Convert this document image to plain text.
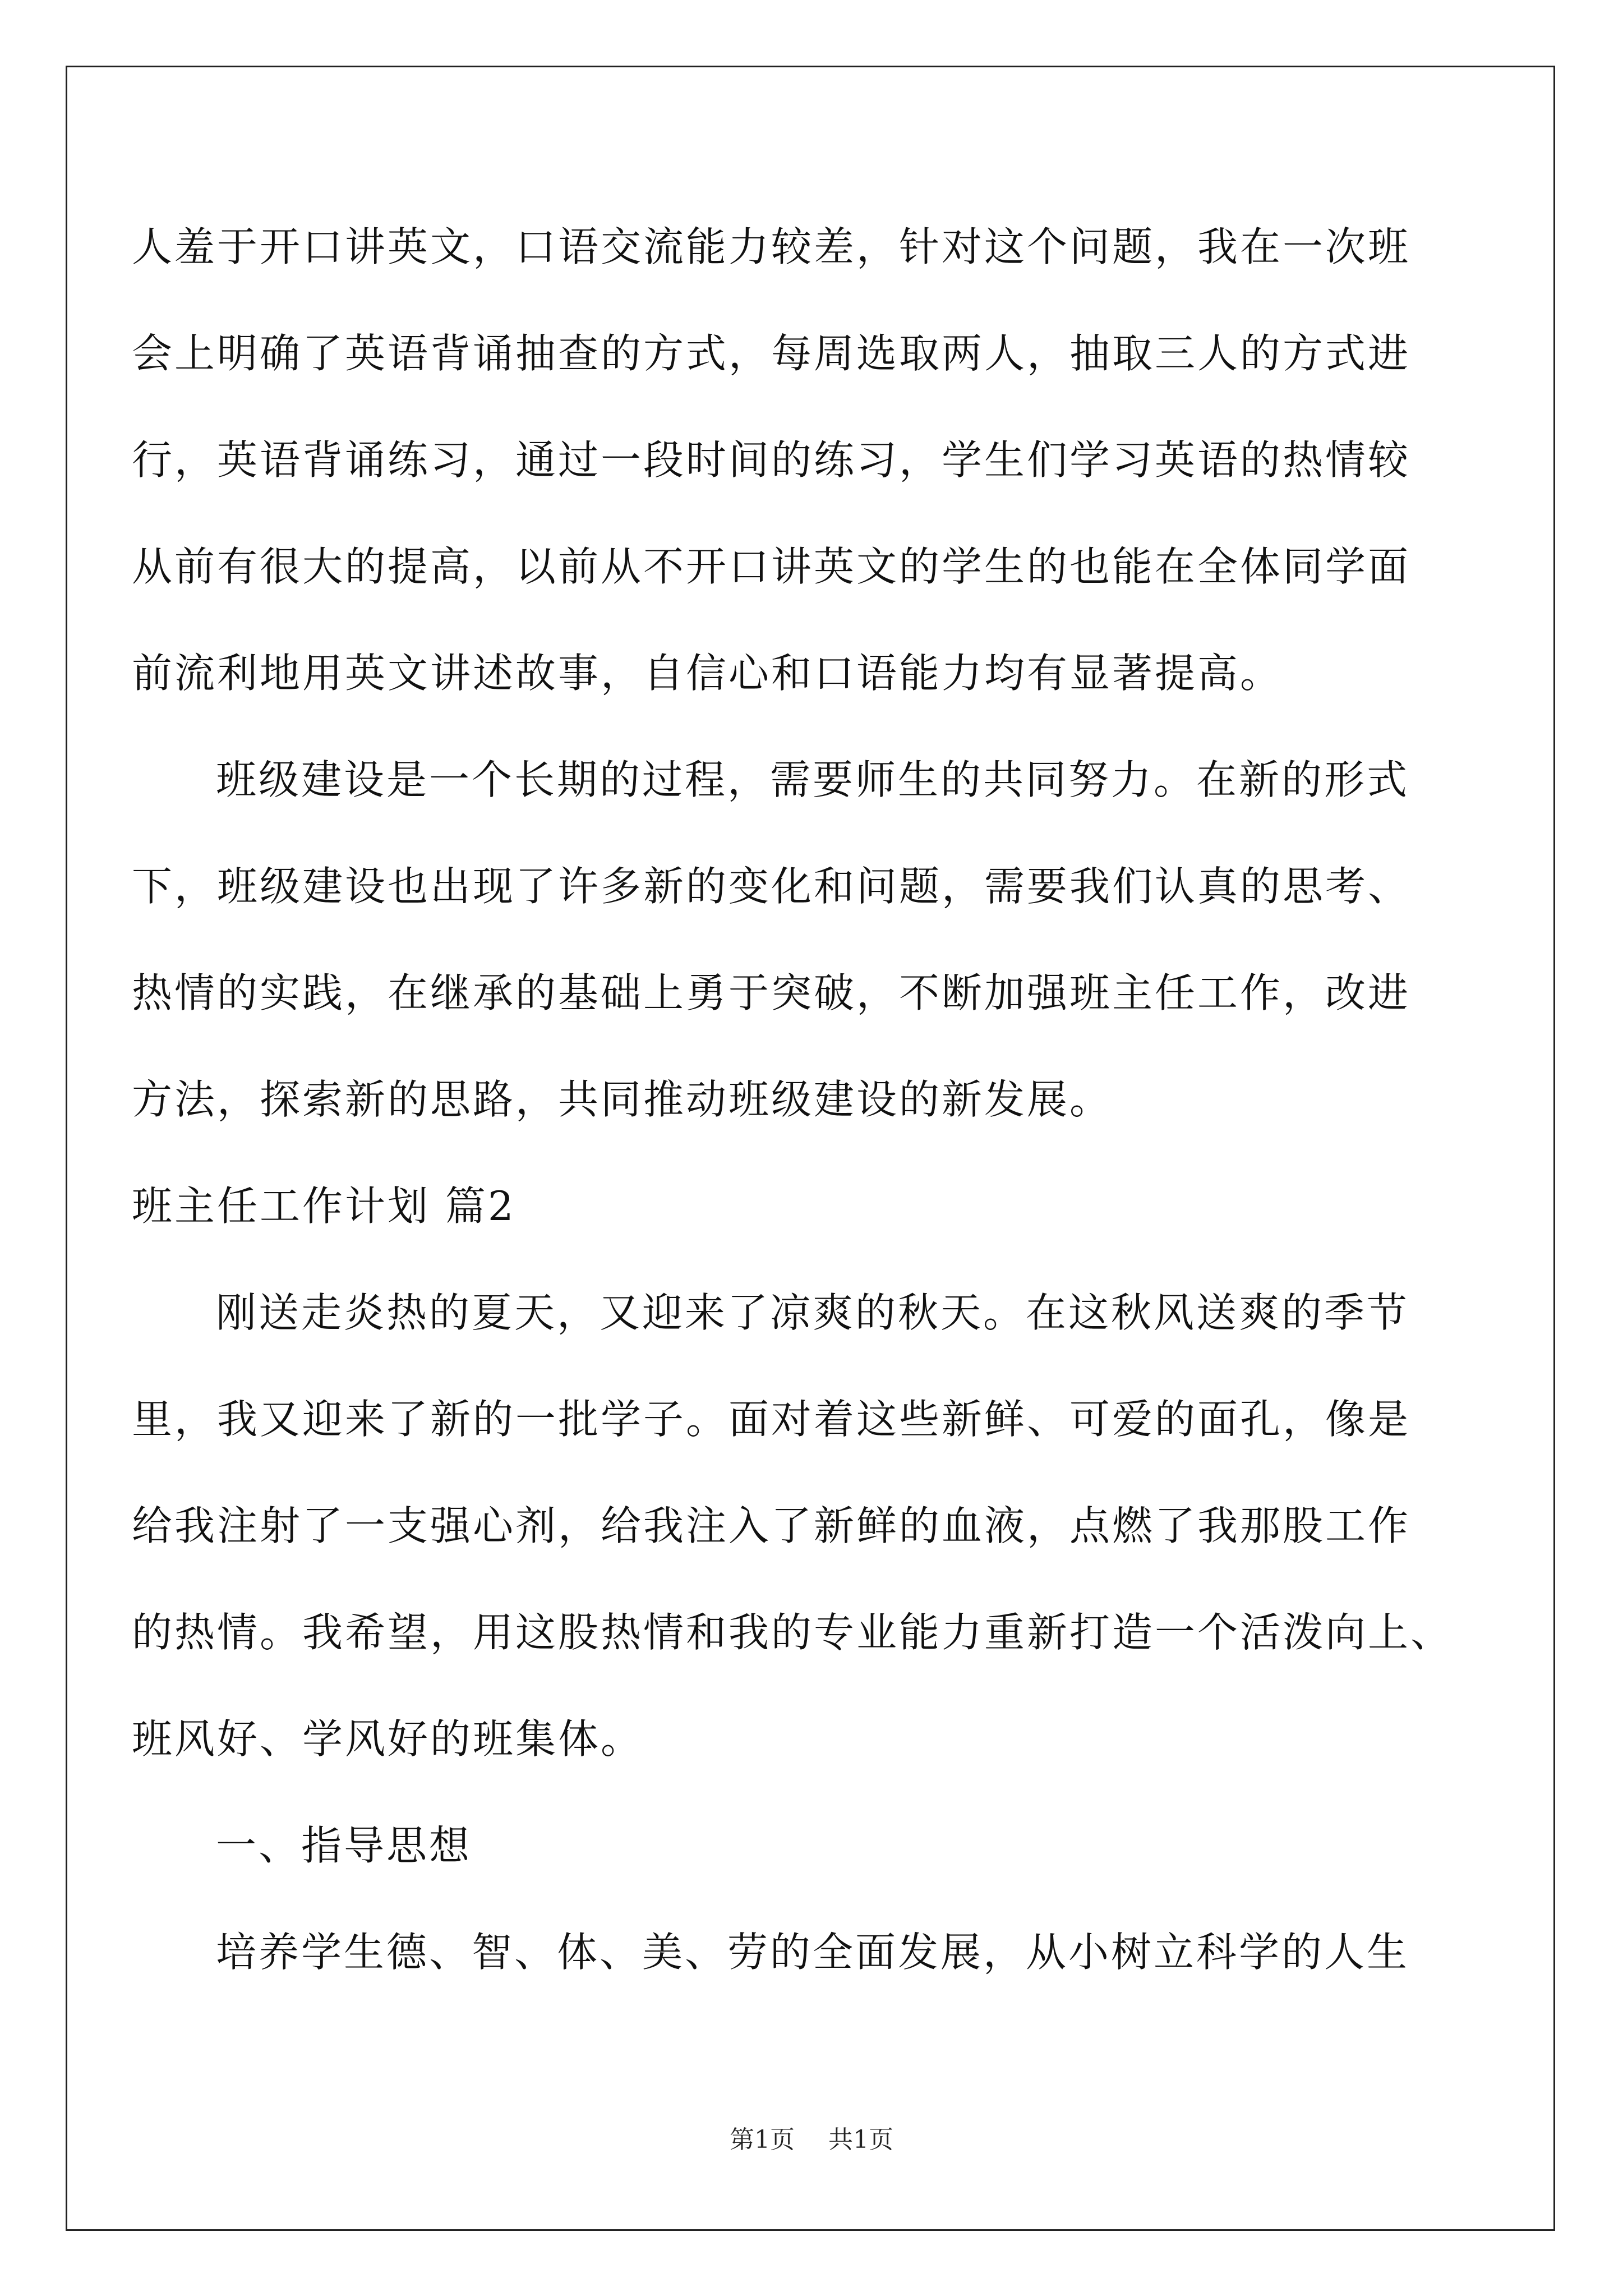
人羞于开口讲英文，口语交流能力较差，针对这个问题，我在一次班
会上明确了英语背诵抽查的方式，每周选取两人，抽取三人的方式进
行，英语背诵练习，通过一段时间的练习，学生们学习英语的热情较
从前有很大的提高，以前从不开口讲英文的学生的也能在全体同学面
前流利地用英文讲述故事，自信心和口语能力均有显著提高。
班级建设是一个长期的过程，需要师生的共同努力。在新的形式
下，班级建设也出现了许多新的变化和问题，需要我们认真的思考、
热情的实践，在继承的基础上勇于突破，不断加强班主任工作，改进
方法，探索新的思路，共同推动班级建设的新发展。
班主任工作计划 篇2
刚送走炎热的夏天，又迎来了凉爽的秋天。在这秋风送爽的季节
里，我又迎来了新的一批学子。面对着这些新鲜、可爱的面孔，像是
给我注射了一支强心剂，给我注入了新鲜的血液，点燃了我那股工作
的热情。我希望，用这股热情和我的专业能力重新打造一个活泼向上、
班风好、学风好的班集体。
一、指导思想
培养学生德、智、体、美、劳的全面发展，从小树立科学的人生
第1页 共1页
